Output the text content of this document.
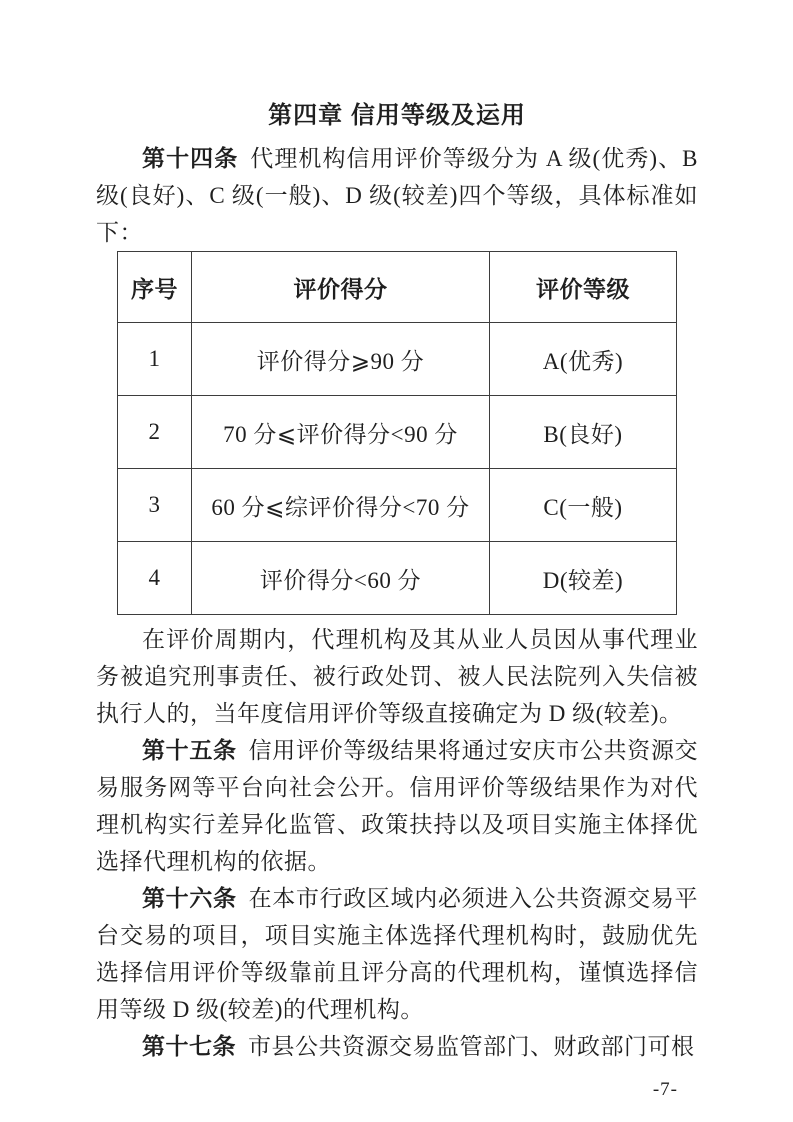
第四章 信用等级及运用

第十四条 代理机构信用评价等级分为 A 级(优秀)、B 级(良好)、C 级(一般)、D 级(较差)四个等级，具体标准如下：

序号	评价得分	评价等级
1	评价得分⩾90 分	A(优秀)
2	70 分⩽评价得分<90 分	B(良好)
3	60 分⩽综评价得分<70 分	C(一般)
4	评价得分<60 分	D(较差)

在评价周期内，代理机构及其从业人员因从事代理业务被追究刑事责任、被行政处罚、被人民法院列入失信被执行人的，当年度信用评价等级直接确定为 D 级(较差)。

第十五条 信用评价等级结果将通过安庆市公共资源交易服务网等平台向社会公开。信用评价等级结果作为对代理机构实行差异化监管、政策扶持以及项目实施主体择优选择代理机构的依据。

第十六条 在本市行政区域内必须进入公共资源交易平台交易的项目，项目实施主体选择代理机构时，鼓励优先选择信用评价等级靠前且评分高的代理机构，谨慎选择信用等级 D 级(较差)的代理机构。

第十七条 市县公共资源交易监管部门、财政部门可根

-7-
